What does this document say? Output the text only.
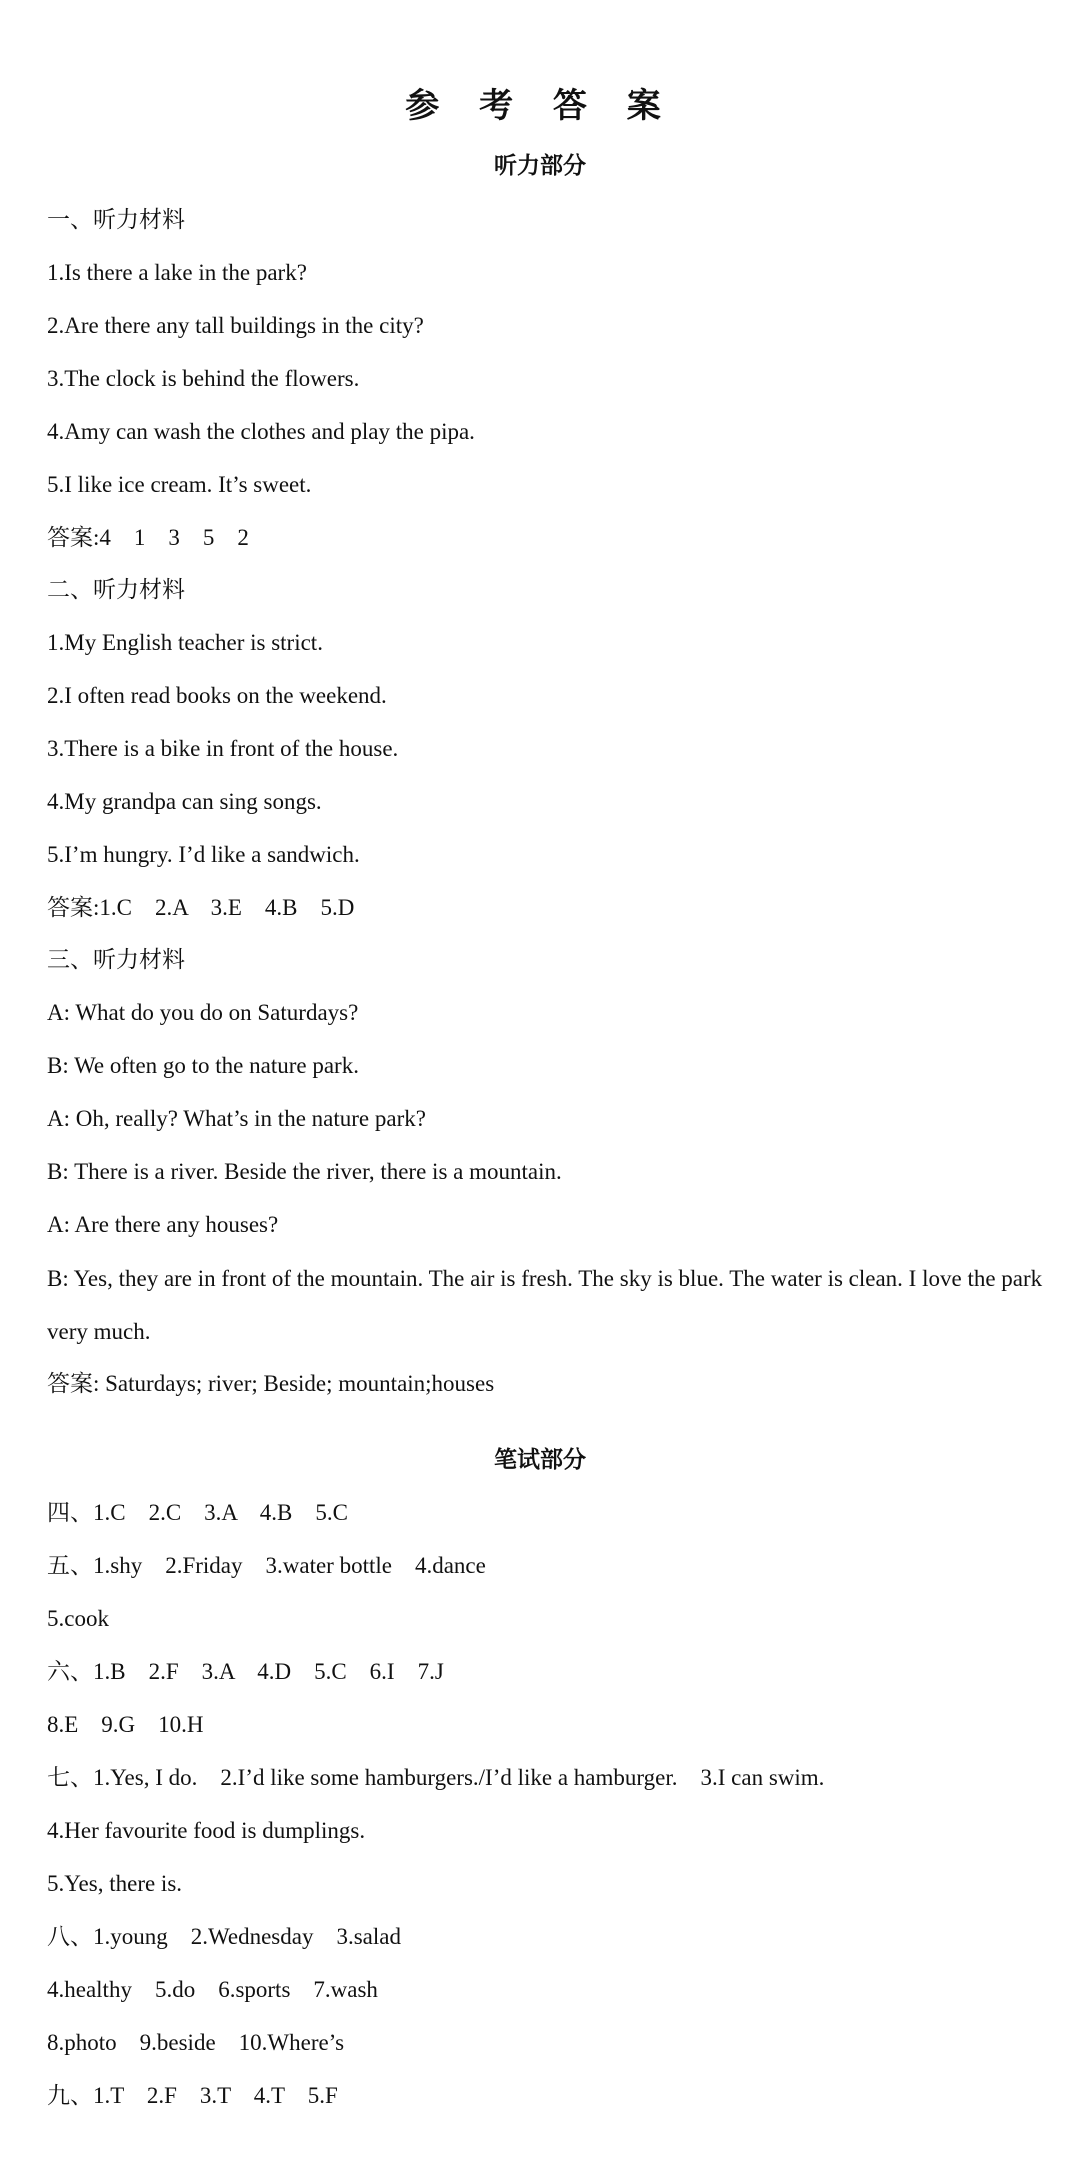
参 考 答 案
听力部分
一、听力材料
1.Is there a lake in the park?
2.Are there any tall buildings in the city?
3.The clock is behind the flowers.
4.Amy can wash the clothes and play the pipa.
5.I like ice cream. It’s sweet.
答案:4    1    3    5    2
二、听力材料
1.My English teacher is strict.
2.I often read books on the weekend.
3.There is a bike in front of the house.
4.My grandpa can sing songs.
5.I’m hungry. I’d like a sandwich.
答案:1.C    2.A    3.E    4.B    5.D
三、听力材料
A: What do you do on Saturdays?
B: We often go to the nature park.
A: Oh, really? What’s in the nature park?
B: There is a river. Beside the river, there is a mountain.
A: Are there any houses?
B: Yes, they are in front of the mountain. The air is fresh. The sky is blue. The water is clean. I love the park very much.
答案: Saturdays; river; Beside; mountain;houses
笔试部分
四、1.C    2.C    3.A    4.B    5.C
五、1.shy    2.Friday    3.water bottle    4.dance
5.cook
六、1.B    2.F    3.A    4.D    5.C    6.I    7.J
8.E    9.G    10.H
七、1.Yes, I do.    2.I’d like some hamburgers./I’d like a hamburger.    3.I can swim.
4.Her favourite food is dumplings.
5.Yes, there is.
八、1.young    2.Wednesday    3.salad
4.healthy    5.do    6.sports    7.wash
8.photo    9.beside    10.Where’s
九、1.T    2.F    3.T    4.T    5.F
